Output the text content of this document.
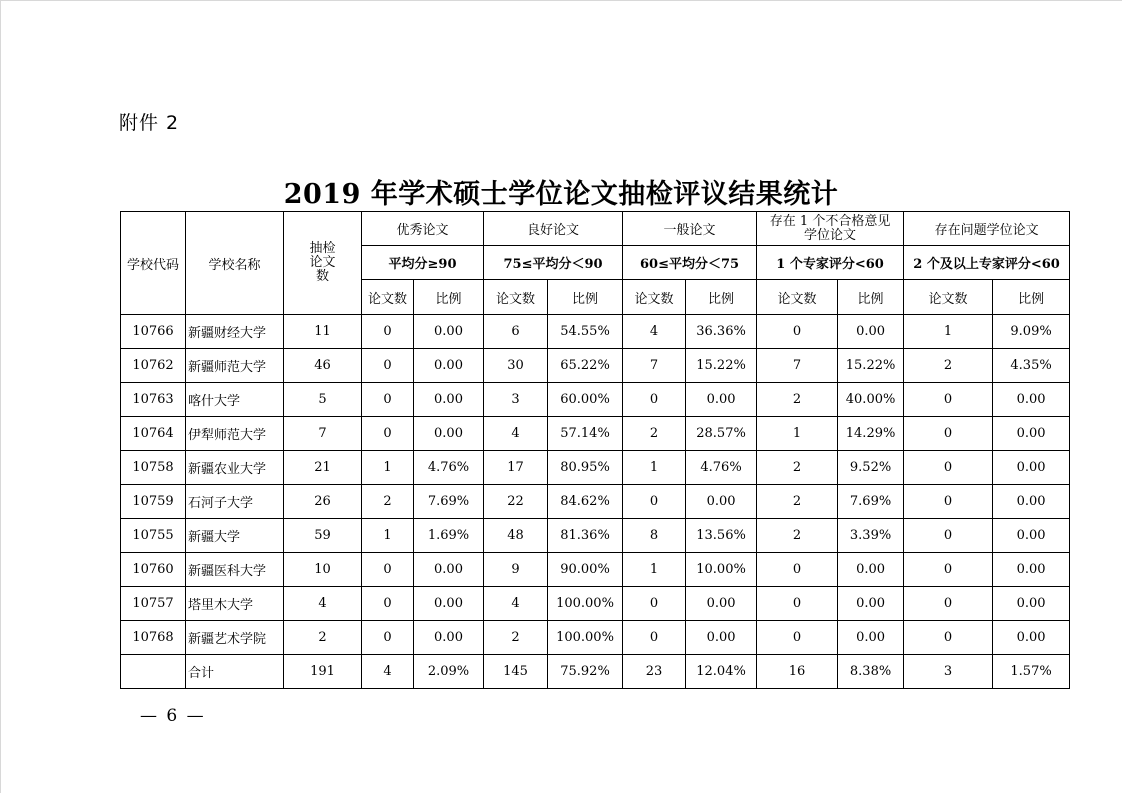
附件 2
2019 年学术硕士学位论文抽检评议结果统计
学校代码	学校名称	抽检论文数	优秀论文		良好论文		一般论文		存在 1 个不合格意见学位论文		存在问题学位论文	
			平均分≥90		75≤平均分＜90		60≤平均分＜75		1 个专家评分<60		2 个及以上专家评分<60	
			论文数	比例	论文数	比例	论文数	比例	论文数	比例	论文数	比例
10766	新疆财经大学	11	0	0.00	6	54.55%	4	36.36%	0	0.00	1	9.09%
10762	新疆师范大学	46	0	0.00	30	65.22%	7	15.22%	7	15.22%	2	4.35%
10763	喀什大学	5	0	0.00	3	60.00%	0	0.00	2	40.00%	0	0.00
10764	伊犁师范大学	7	0	0.00	4	57.14%	2	28.57%	1	14.29%	0	0.00
10758	新疆农业大学	21	1	4.76%	17	80.95%	1	4.76%	2	9.52%	0	0.00
10759	石河子大学	26	2	7.69%	22	84.62%	0	0.00	2	7.69%	0	0.00
10755	新疆大学	59	1	1.69%	48	81.36%	8	13.56%	2	3.39%	0	0.00
10760	新疆医科大学	10	0	0.00	9	90.00%	1	10.00%	0	0.00	0	0.00
10757	塔里木大学	4	0	0.00	4	100.00%	0	0.00	0	0.00	0	0.00
10768	新疆艺术学院	2	0	0.00	2	100.00%	0	0.00	0	0.00	0	0.00
	合计	191	4	2.09%	145	75.92%	23	12.04%	16	8.38%	3	1.57%
— 6 —
